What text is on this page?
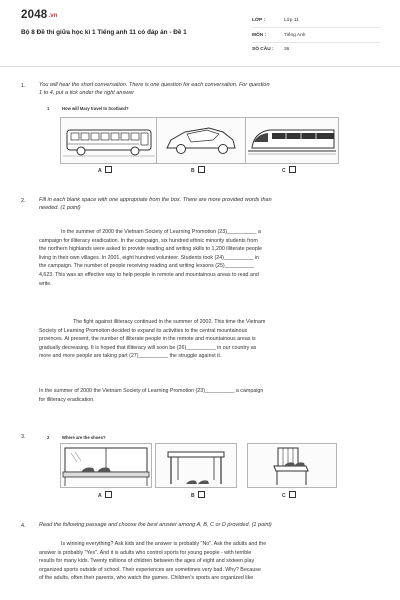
2048.vn
Bộ 8 Đề thi giữa học kì 1 Tiếng anh 11 có đáp án - Đề 1
LỚP :	Lớp 11
MÔN :	Tiếng Anh
SỐ CÂU : 36
1. You will hear the short conversation. There is one question for each conversation. For question
1 to 4, put a tick under the right answer
1	How will Mary travel to Scotland?
A	B	C
2. Fill in each blank space with one appropriate from the box. There are more provided words than
needed. (1 point)
In the summer of 2000 the Vietnam Society of Learning Promotion (23)__________ a
campaign for illiteracy eradication. In the campaign, six hundred ethnic minority students from
the northern highlands were asked to provide reading and writing skills to 1,200 illiterate people
living in their own villages. In 2001, eight hundred volunteer. Students took (24)__________ in
the campaign. The number of people receiving reading and writing lessons (25)__________
4,623. This was an effective way to help people in remote and mountainous areas to read and
write.
The fight against illiteracy continued in the summer of 2002. This time the Vietnam
Society of Learning Promotion decided to expand its activities to the central mountainous
provinces. At present, the number of illiterate people in the remote and mountainous areas is
gradually decreasing. It is hoped that illiteracy will soon be (26)__________ in our country as
more and more people are taking part (27)__________ the struggle against it.
In the summer of 2000 the Vietnam Society of Learning Promotion (23)__________ a campaign
for illiteracy eradication.
3.	2	Where are the shoes?
A	B	C
4. Read the following passage and choose the best answer among A, B, C or D provided. (1 point)
Is winning everything? Ask kids and the answer is probably "No". Ask the adults and the
answer is probably "Yes". And it is adults who control sports for young people - with terrible
results for many kids. Twenty millions of children between the ages of eight and sixteen play
organized sports outside of school. Their experiences are sometimes very bad. Why? Because
of the adults, often their parents, who watch the games. Children's sports are organized like
